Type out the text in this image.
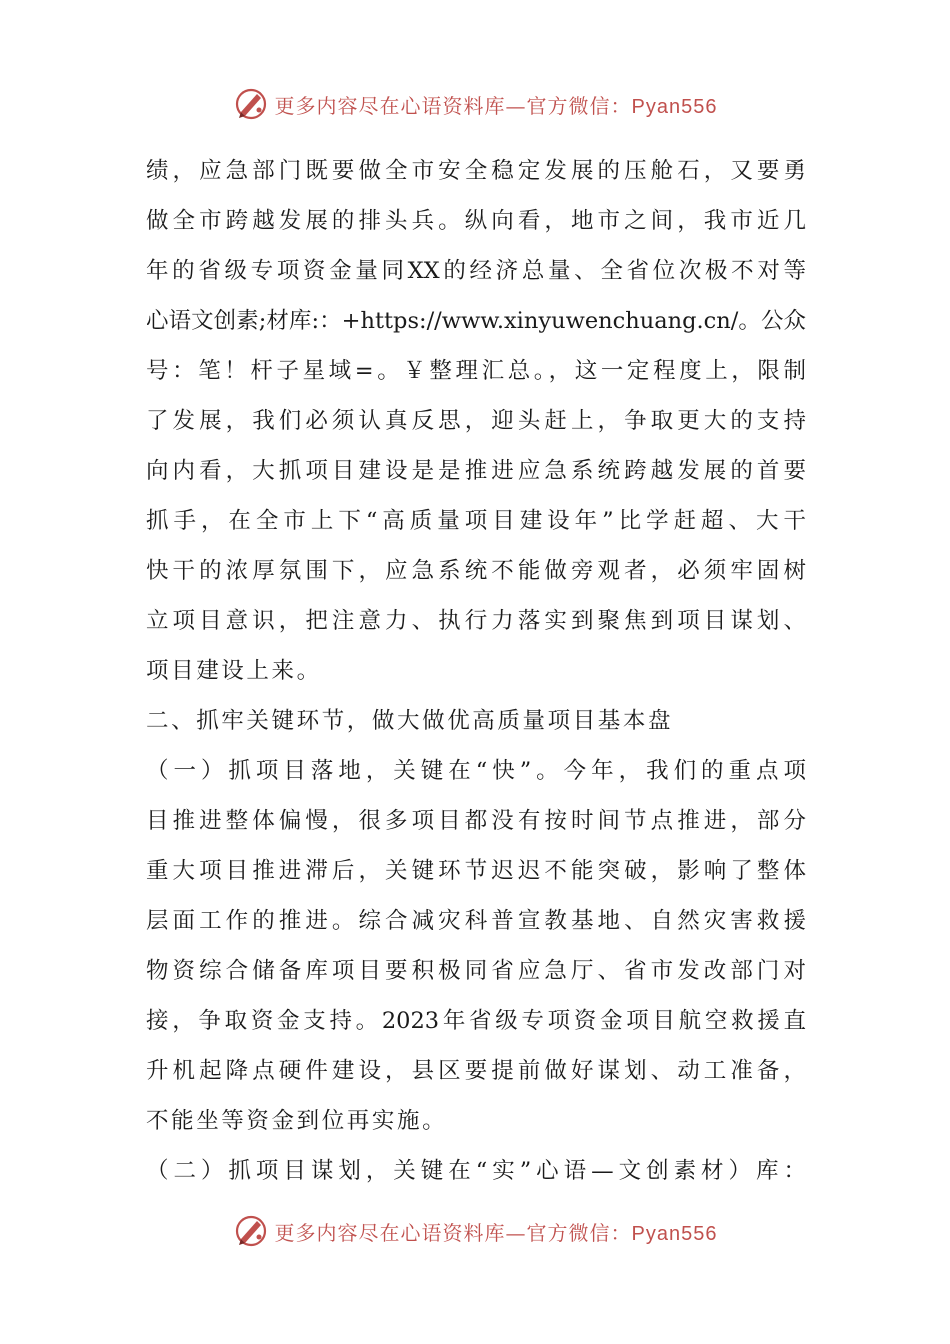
更多内容尽在心语资料库—官方微信：Pyan556
绩，应急部门既要做全市安全稳定发展的压舱石，又要勇
做全市跨越发展的排头兵。纵向看，地市之间，我市近几
年的省级专项资金量同XX的经济总量、全省位次极不对等
心语文创素;材库:：+https://www.xinyuwenchuang.cn/。公众
号：笔！杆子星域=。￥整理汇总。，这一定程度上，限制
了发展，我们必须认真反思，迎头赶上，争取更大的支持
向内看，大抓项目建设是是推进应急系统跨越发展的首要
抓手，在全市上下“高质量项目建设年”比学赶超、大干
快干的浓厚氛围下，应急系统不能做旁观者，必须牢固树
立项目意识，把注意力、执行力落实到聚焦到项目谋划、
项目建设上来。
二、抓牢关键环节，做大做优高质量项目基本盘
（一）抓项目落地，关键在“快”。今年，我们的重点项
目推进整体偏慢，很多项目都没有按时间节点推进，部分
重大项目推进滞后，关键环节迟迟不能突破，影响了整体
层面工作的推进。综合减灾科普宣教基地、自然灾害救援
物资综合储备库项目要积极同省应急厅、省市发改部门对
接，争取资金支持。2023年省级专项资金项目航空救援直
升机起降点硬件建设，县区要提前做好谋划、动工准备，
不能坐等资金到位再实施。
（二）抓项目谋划，关键在“实”心语—文创素材）库：
更多内容尽在心语资料库—官方微信：Pyan556
